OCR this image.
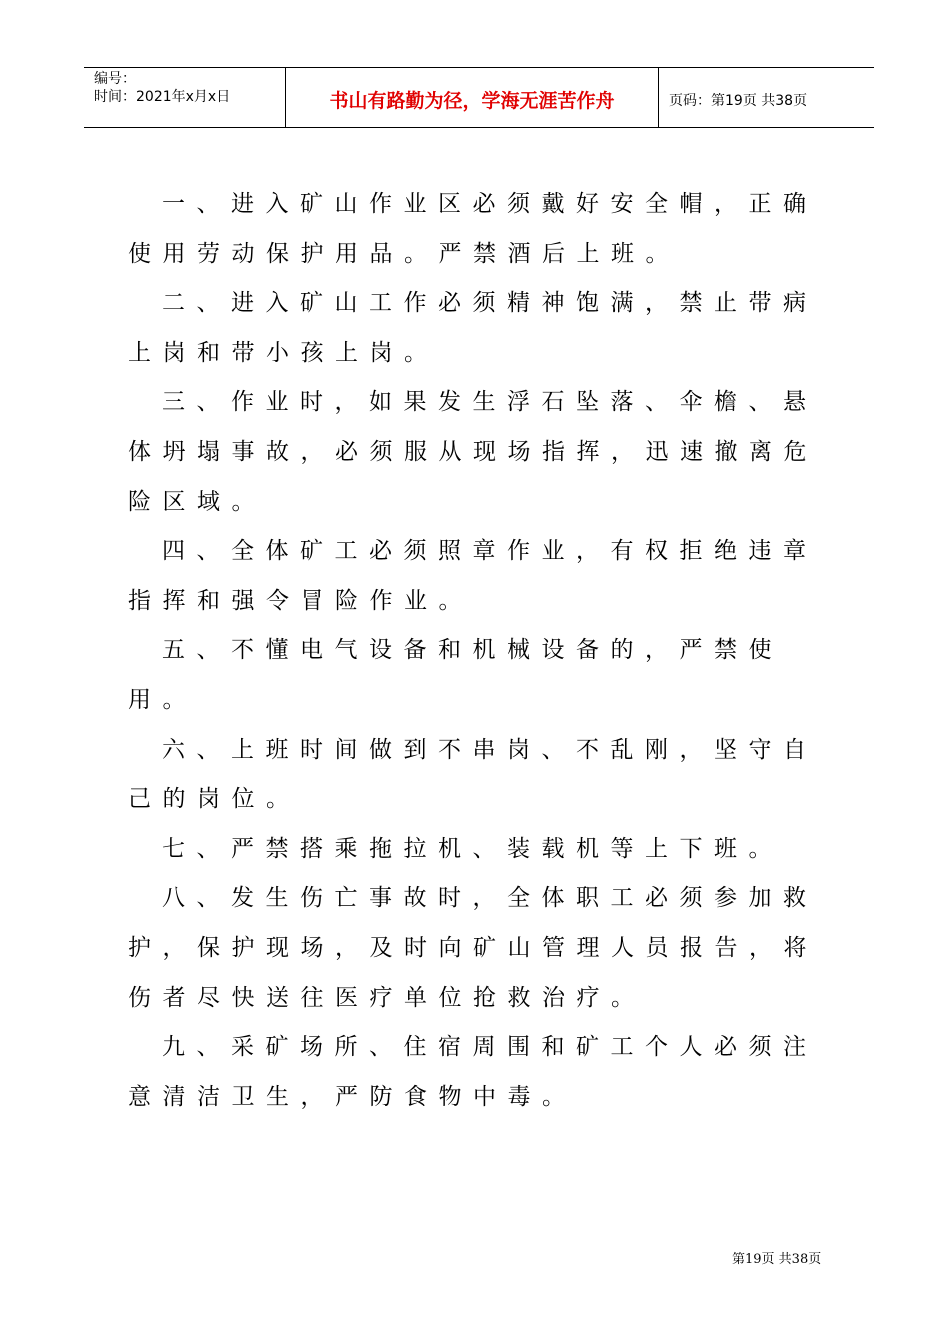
编号：
时间：2021年x月x日	书山有路勤为径，学海无涯苦作舟	页码：第19页 共38页

一、进入矿山作业区必须戴好安全帽，正确使用劳动保护用品。严禁酒后上班。

二、进入矿山工作必须精神饱满，禁止带病上岗和带小孩上岗。

三、作业时，如果发生浮石坠落、伞檐、悬体坍塌事故，必须服从现场指挥，迅速撤离危险区域。

四、全体矿工必须照章作业，有权拒绝违章指挥和强令冒险作业。

五、不懂电气设备和机械设备的，严禁使用。

六、上班时间做到不串岗、不乱刚，坚守自己的岗位。

七、严禁搭乘拖拉机、装载机等上下班。

八、发生伤亡事故时，全体职工必须参加救护，保护现场，及时向矿山管理人员报告，将伤者尽快送往医疗单位抢救治疗。

九、采矿场所、住宿周围和矿工个人必须注意清洁卫生，严防食物中毒。

第19页 共38页
